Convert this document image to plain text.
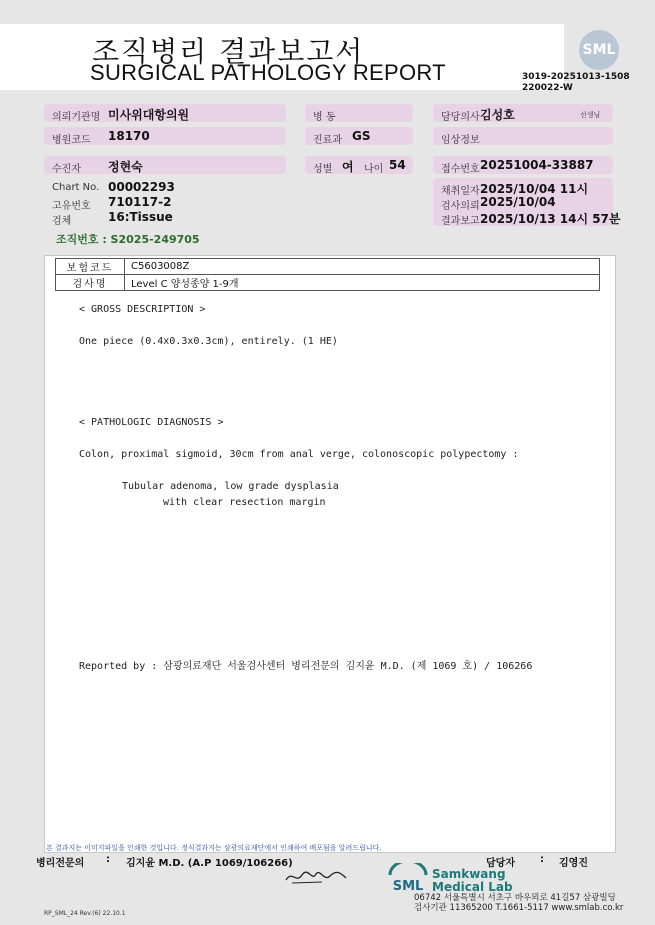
조직병리 결과보고서
SURGICAL PATHOLOGY REPORT
SML
3019-20251013-1508
220022-W
의뢰기관명 미사위대항의원
병원코드 18170
수진자 정현숙
Chart No. 00002293
고유번호 710117-2
검체	16:Tissue
조직번호 : S2025-249705
병 동
진료과 GS
성별 여 나이 54
담당의사 김성호	선생님
임상정보
접수번호 20251004-33887
채취일자 2025/10/04 11시
검사의뢰 2025/10/04
결과보고 2025/10/13 14시 57분
보험코드	C5603008Z
검사명	Level C 양성종양 1-9개
< GROSS DESCRIPTION >
One piece (0.4x0.3x0.3cm), entirely. (1 HE)
< PATHOLOGIC DIAGNOSIS >
Colon, proximal sigmoid, 30cm from anal verge, colonoscopic polypectomy :
Tubular adenoma, low grade dysplasia
with clear resection margin
Reported by : 삼광의료재단 서울검사센터 병리전문의 김지윤 M.D. (제 1069 호) / 106266
본 결과지는 이미지파일을 인쇄한 것입니다. 정식결과지는 삼광의료재단에서 인쇄하여 배포됨을 알려드립니다.
병리전문의 : 김지윤 M.D. (A.P 1069/106266)	담당자	: 김영진
SML
Samkwang
Medical Lab
06742 서울특별시 서초구 바우뫼로 41길57 삼광빌딩
검사기관 11365200 T.1661-5117 www.smlab.co.kr
RP_SML_24 Rev.(6) 22.10.1
